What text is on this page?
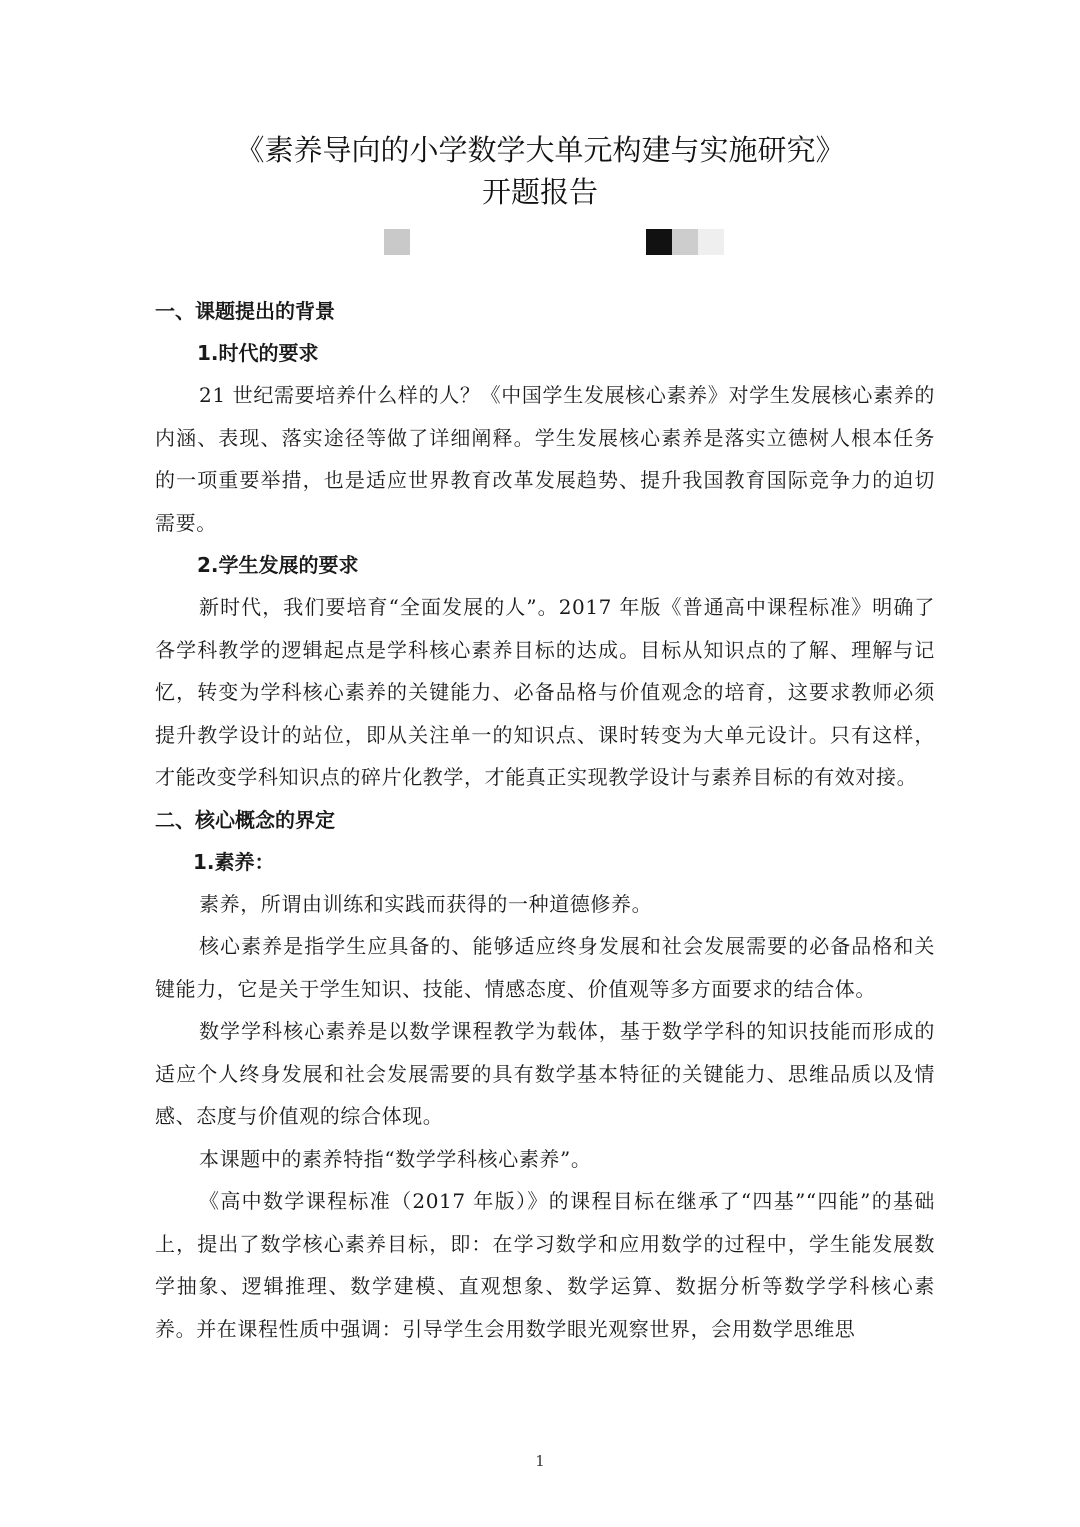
《素养导向的小学数学大单元构建与实施研究》
开题报告

一、课题提出的背景

1.时代的要求

21 世纪需要培养什么样的人？《中国学生发展核心素养》对学生发展核心素养的内涵、表现、落实途径等做了详细阐释。学生发展核心素养是落实立德树人根本任务的一项重要举措，也是适应世界教育改革发展趋势、提升我国教育国际竞争力的迫切需要。

2.学生发展的要求

新时代，我们要培育“全面发展的人”。2017 年版《普通高中课程标准》明确了各学科教学的逻辑起点是学科核心素养目标的达成。目标从知识点的了解、理解与记忆，转变为学科核心素养的关键能力、必备品格与价值观念的培育，这要求教师必须提升教学设计的站位，即从关注单一的知识点、课时转变为大单元设计。只有这样，才能改变学科知识点的碎片化教学，才能真正实现教学设计与素养目标的有效对接。

二、核心概念的界定

1.素养：

素养，所谓由训练和实践而获得的一种道德修养。

核心素养是指学生应具备的、能够适应终身发展和社会发展需要的必备品格和关键能力，它是关于学生知识、技能、情感态度、价值观等多方面要求的结合体。

数学学科核心素养是以数学课程教学为载体，基于数学学科的知识技能而形成的适应个人终身发展和社会发展需要的具有数学基本特征的关键能力、思维品质以及情感、态度与价值观的综合体现。

本课题中的素养特指“数学学科核心素养”。

《高中数学课程标准（2017 年版）》的课程目标在继承了“四基”“四能”的基础上，提出了数学核心素养目标，即：在学习数学和应用数学的过程中，学生能发展数学抽象、逻辑推理、数学建模、直观想象、数学运算、数据分析等数学学科核心素养。并在课程性质中强调：引导学生会用数学眼光观察世界，会用数学思维思

1
